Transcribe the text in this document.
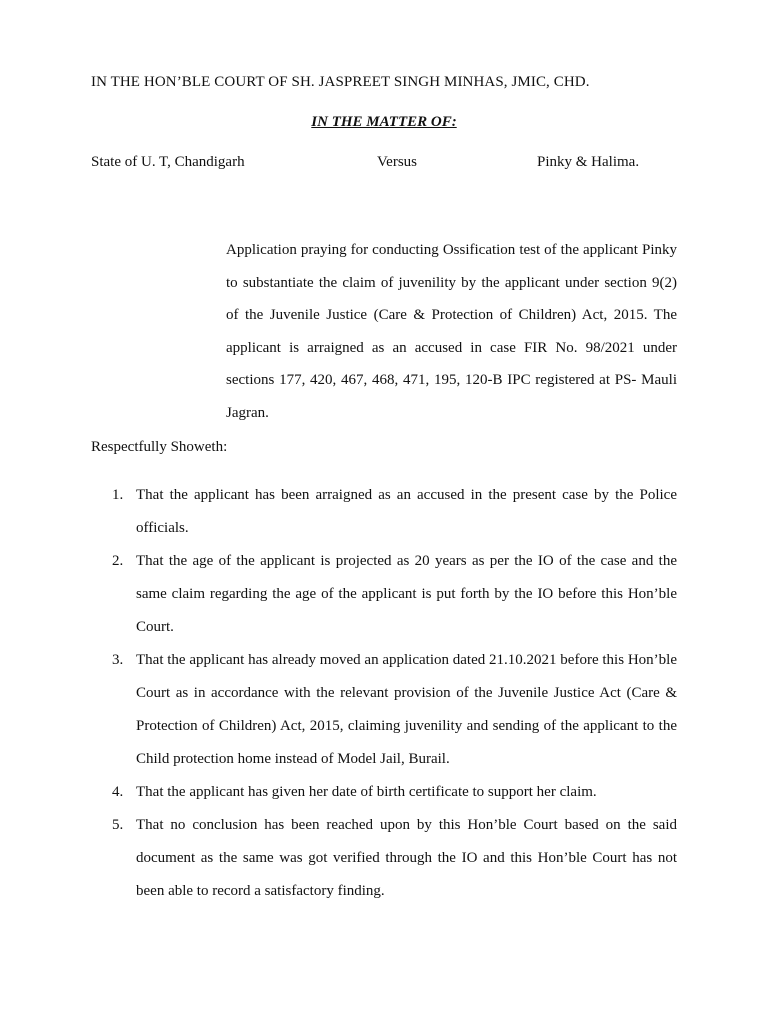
IN THE HON’BLE COURT OF SH. JASPREET SINGH MINHAS, JMIC, CHD.
IN THE MATTER OF:
State of U. T, Chandigarh	Versus	Pinky & Halima.
Application praying for conducting Ossification test of the applicant Pinky to substantiate the claim of juvenility by the applicant under section 9(2) of the Juvenile Justice (Care & Protection of Children) Act, 2015. The applicant is arraigned as an accused in case FIR No. 98/2021 under sections 177, 420, 467, 468, 471, 195, 120-B IPC registered at PS- Mauli Jagran.
Respectfully Showeth:
1. That the applicant has been arraigned as an accused in the present case by the Police officials.
2. That the age of the applicant is projected as 20 years as per the IO of the case and the same claim regarding the age of the applicant is put forth by the IO before this Hon’ble Court.
3. That the applicant has already moved an application dated 21.10.2021 before this Hon’ble Court as in accordance with the relevant provision of the Juvenile Justice Act (Care & Protection of Children) Act, 2015, claiming juvenility and sending of the applicant to the Child protection home instead of Model Jail, Burail.
4. That the applicant has given her date of birth certificate to support her claim.
5. That no conclusion has been reached upon by this Hon’ble Court based on the said document as the same was got verified through the IO and this Hon’ble Court has not been able to record a satisfactory finding.
